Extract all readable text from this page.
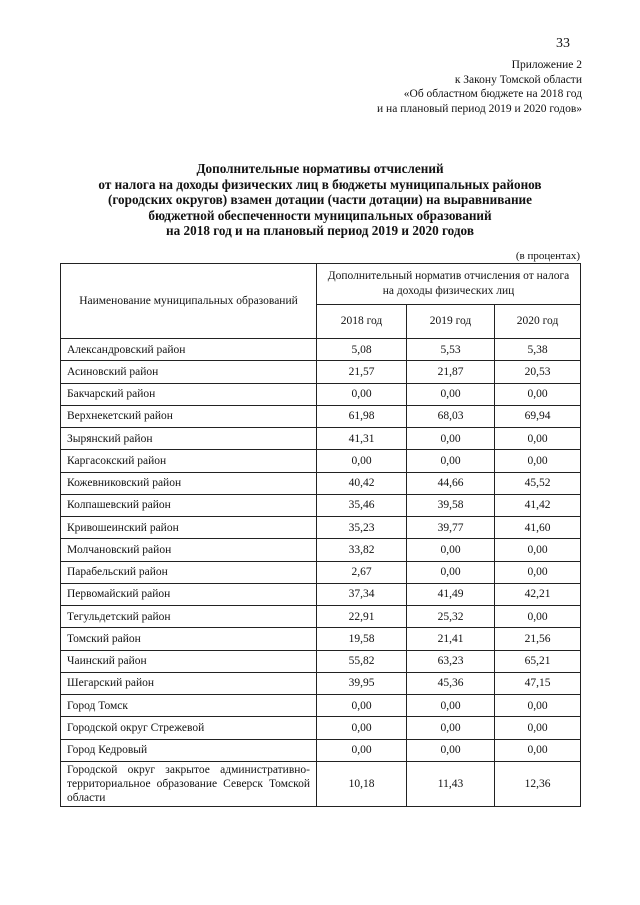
33
Приложение 2
к Закону Томской области
«Об областном бюджете на 2018 год
и на плановый период 2019 и 2020 годов»
Дополнительные нормативы отчислений
от налога на доходы физических лиц в бюджеты муниципальных районов
(городских округов) взамен дотации (части дотации) на выравнивание
бюджетной обеспеченности муниципальных образований
на 2018 год и на плановый период 2019 и 2020 годов
(в процентах)
Наименование муниципальных образований	Дополнительный норматив отчисления от налога на доходы физических лиц		
	2018 год	2019 год	2020 год
Александровский район	5,08	5,53	5,38
Асиновский район	21,57	21,87	20,53
Бакчарский район	0,00	0,00	0,00
Верхнекетский район	61,98	68,03	69,94
Зырянский район	41,31	0,00	0,00
Каргасокский район	0,00	0,00	0,00
Кожевниковский район	40,42	44,66	45,52
Колпашевский район	35,46	39,58	41,42
Кривошеинский район	35,23	39,77	41,60
Молчановский район	33,82	0,00	0,00
Парабельский район	2,67	0,00	0,00
Первомайский район	37,34	41,49	42,21
Тегульдетский район	22,91	25,32	0,00
Томский район	19,58	21,41	21,56
Чаинский район	55,82	63,23	65,21
Шегарский район	39,95	45,36	47,15
Город Томск	0,00	0,00	0,00
Городской округ Стрежевой	0,00	0,00	0,00
Город Кедровый	0,00	0,00	0,00
Городской округ закрытое административно-территориальное образование Северск Томской области	10,18	11,43	12,36
